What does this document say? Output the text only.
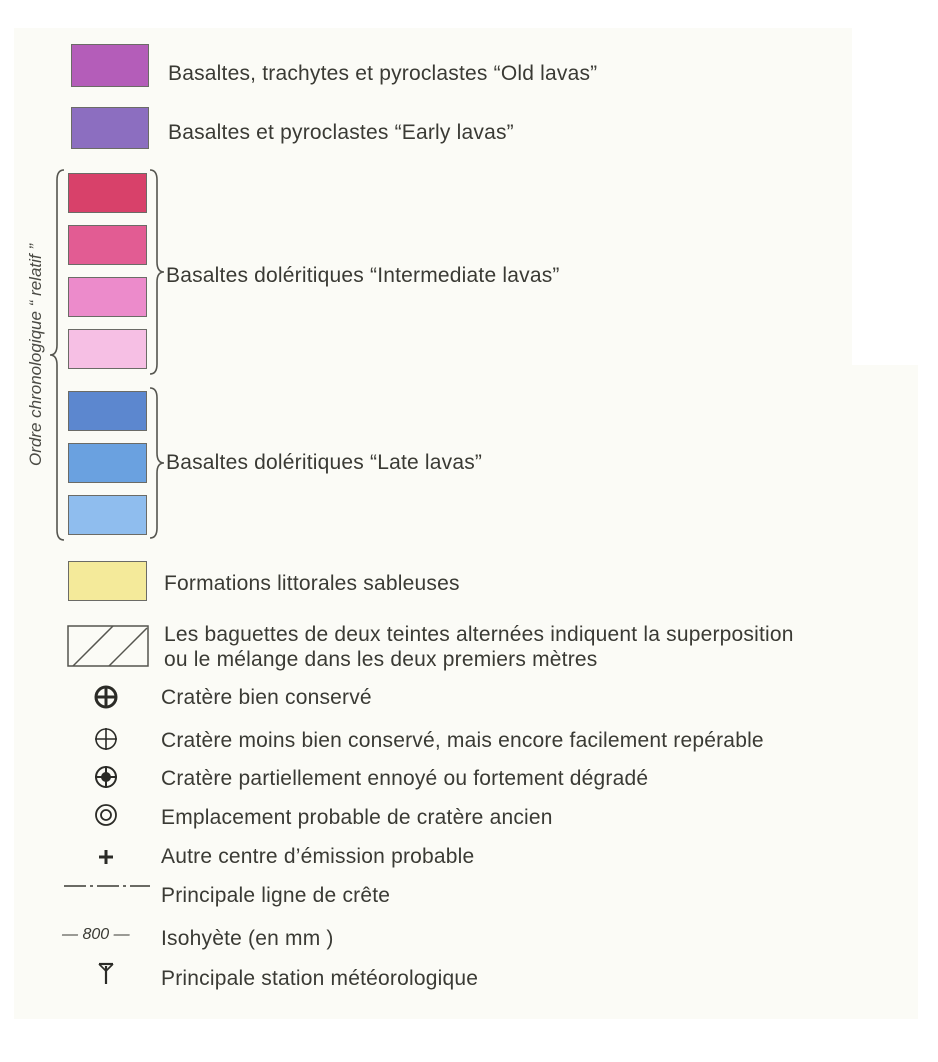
Basaltes, trachytes et pyroclastes “Old lavas”
Basaltes et pyroclastes “Early lavas”
Basaltes doléritiques “Intermediate lavas”
Basaltes doléritiques “Late lavas”
Ordre chronologique “ relatif ”
Formations littorales sableuses
Les baguettes de deux teintes alternées indiquent la superposition
ou le mélange dans les deux premiers mètres
Cratère bien conservé
Cratère moins bien conservé, mais encore facilement repérable
Cratère partiellement ennoyé ou fortement dégradé
Emplacement probable de cratère ancien
Autre centre d’émission probable
Principale ligne de crête
— 800 — Isohyète (en mm )
Principale station météorologique
